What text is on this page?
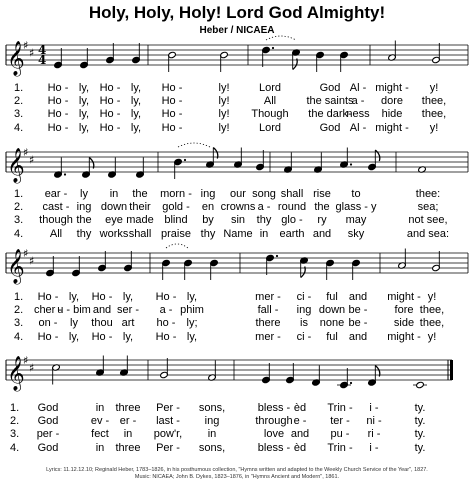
Holy, Holy, Holy! Lord God Almighty!
Heber / NICAEA
𝄞
♯
♯ 4
4
1. Ho - ly, Ho - ly, Ho -	ly!	Lord	God Al - might - y!
2. Ho - ly, Ho - ly, Ho -	ly!	All	the saints
a - dore thee,
3. Ho - ly, Ho - ly, Ho -	ly! Though the dark-
ness hide thee,
4. Ho - ly, Ho - ly, Ho -	ly!	Lord	God Al - might - y!
𝄞
♯
♯
1. ear - ly in the morn - ing our song shall rise to	thee:
2. cast - ing down their gold - en crowns a - round the glass - y	sea;
3. though the eye made blind by sin thy glo - ry may	not see,
4. All thy works shall praise thy Name in earth and sky	and sea:
𝄞
♯
♯
1. Ho - ly, Ho - ly, Ho - ly,	mer - ci - ful and might - y!
2. cher -
u - bim and ser - a - phim	fall - ing down be - fore thee,
3. on - ly thou art ho - ly;	there is none be - side thee,
4. Ho - ly, Ho - ly, Ho - ly,	mer - ci - ful and might - y!
𝄞
♯
♯
1. God	in three Per - sons,	bless - èd Trin - i -	ty.
2. God	ev - er - last - ing	through e - ter - ni -	ty.
3. per -	fect in pow'r, in	love and pu - ri -	ty.
4. God	in three Per - sons,	bless - èd Trin - i -	ty.
Lyrics: 11.12.12.10; Reginald Heber, 1783–1826, in his posthumous collection, "Hymns written and adapted to the Weekly Church Service of the Year", 1827.
Music: NICAEA; John B. Dykes, 1823–1876, in "Hymns Ancient and Modern", 1861.
